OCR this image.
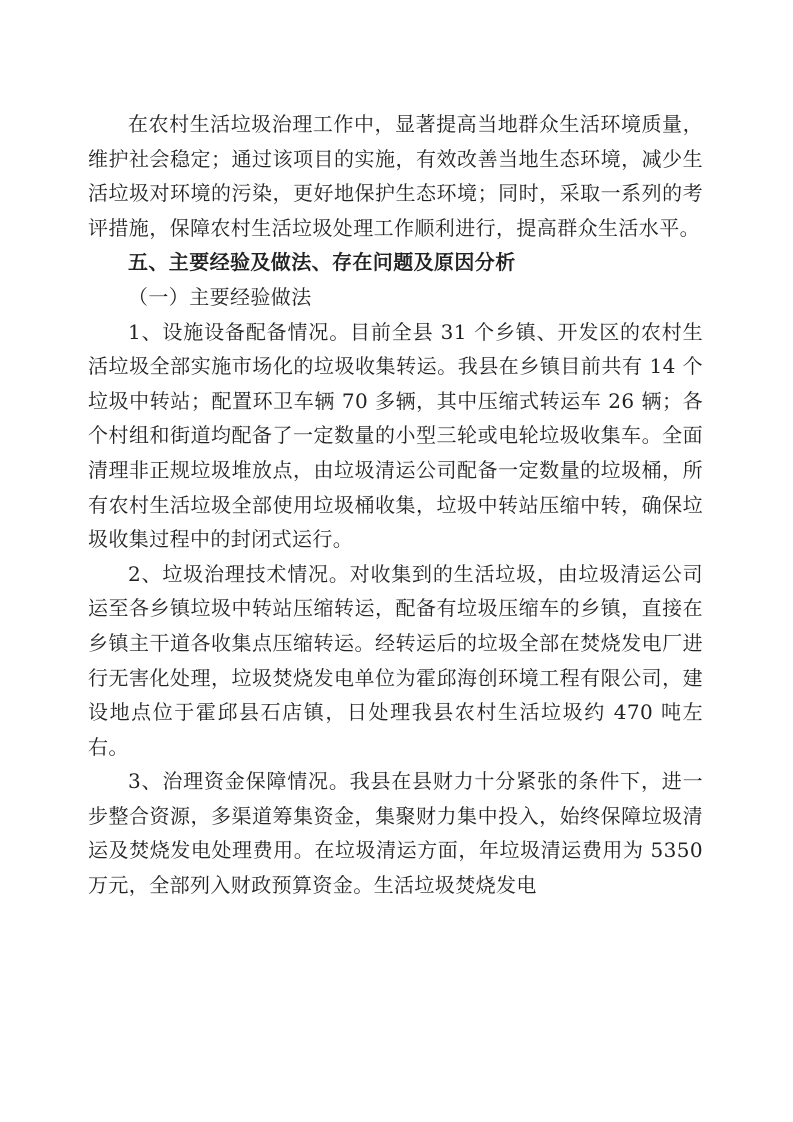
在农村生活垃圾治理工作中，显著提高当地群众生活环境质量，维护社会稳定；通过该项目的实施，有效改善当地生态环境，减少生活垃圾对环境的污染，更好地保护生态环境；同时，采取一系列的考评措施，保障农村生活垃圾处理工作顺利进行，提高群众生活水平。

五、主要经验及做法、存在问题及原因分析

（一）主要经验做法

1、设施设备配备情况。目前全县 31 个乡镇、开发区的农村生活垃圾全部实施市场化的垃圾收集转运。我县在乡镇目前共有 14 个垃圾中转站；配置环卫车辆 70 多辆，其中压缩式转运车 26 辆；各个村组和街道均配备了一定数量的小型三轮或电轮垃圾收集车。全面清理非正规垃圾堆放点，由垃圾清运公司配备一定数量的垃圾桶，所有农村生活垃圾全部使用垃圾桶收集，垃圾中转站压缩中转，确保垃圾收集过程中的封闭式运行。

2、垃圾治理技术情况。对收集到的生活垃圾，由垃圾清运公司运至各乡镇垃圾中转站压缩转运，配备有垃圾压缩车的乡镇，直接在乡镇主干道各收集点压缩转运。经转运后的垃圾全部在焚烧发电厂进行无害化处理，垃圾焚烧发电单位为霍邱海创环境工程有限公司，建设地点位于霍邱县石店镇，日处理我县农村生活垃圾约 470 吨左右。

3、治理资金保障情况。我县在县财力十分紧张的条件下，进一步整合资源，多渠道筹集资金，集聚财力集中投入，始终保障垃圾清运及焚烧发电处理费用。在垃圾清运方面，年垃圾清运费用为 5350 万元，全部列入财政预算资金。生活垃圾焚烧发电
